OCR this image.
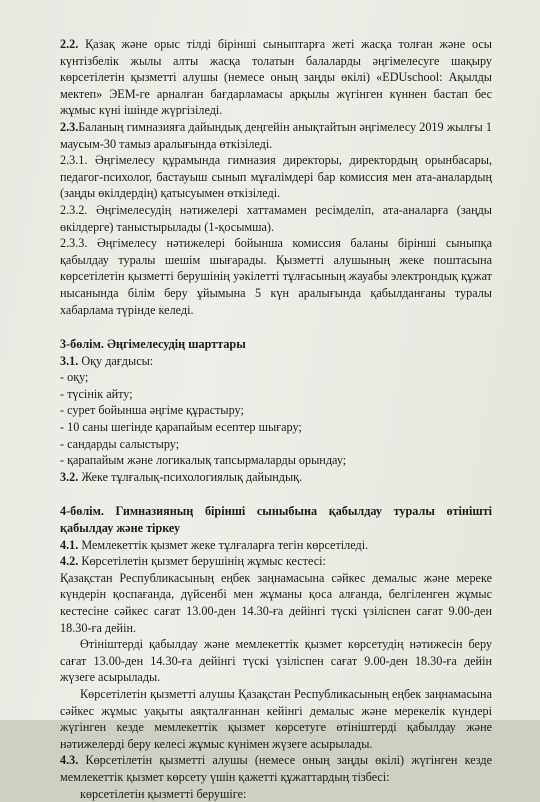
2.2. Қазақ және орыс тілді бірінші сыныптарға жеті жасқа толған және осы күнтізбелік жылы алты жасқа толатын балаларды әңгімелесуге шақыру көрсетілетін қызметті алушы (немесе оның заңды өкілі) «EDUschool: Ақылды мектеп» ЭЕМ-ге арналған бағдарламасы арқылы жүгінген күннен бастап бес жұмыс күні ішінде жүргізіледі.

2.3.Баланың гимназияға дайындық деңгейін анықтайтын әңгімелесу 2019 жылғы 1 маусым-30 тамыз аралығында өткізіледі.

2.3.1. Әңгімелесу құрамында гимназия директоры, директордың орынбасары, педагог-психолог, бастауыш сынып мұғалімдері бар комиссия мен ата-аналардың (заңды өкілдердің) қатысуымен өткізіледі.

2.3.2. Әңгімелесудің нәтижелері хаттамамен ресімделіп, ата-аналарға (заңды өкілдерге) таныстырылады (1-қосымша).

2.3.3. Әңгімелесу нәтижелері бойынша комиссия баланы бірінші сыныпқа қабылдау туралы шешім шығарады. Қызметті алушының жеке поштасына көрсетілетін қызметті берушінің уәкілетті тұлғасының жауабы электрондық құжат нысанында білім беру ұйымына 5 күн аралығында қабылданғаны туралы хабарлама түрінде келеді.

3-бөлім. Әңгімелесудің шарттары

3.1. Оқу дағдысы:

- оқу;

- түсінік айту;

- сурет бойынша әңгіме құрастыру;

- 10 саны шегінде қарапайым есептер шығару;

- сандарды салыстыру;

- қарапайым және логикалық тапсырмаларды орындау;

3.2. Жеке тұлғалық-психологиялық дайындық.

4-бөлім. Гимназияның бірінші сыныбына қабылдау туралы өтінішті қабылдау және тіркеу

4.1. Мемлекеттік қызмет жеке тұлғаларға тегін көрсетіледі.

4.2. Көрсетілетін қызмет берушінің жұмыс кестесі:

Қазақстан Республикасының еңбек заңнамасына сәйкес демалыс және мереке күндерін қоспағанда, дүйсенбі мен жұманы қоса алғанда, белгіленген жұмыс кестесіне сәйкес сағат 13.00-ден 14.30-ға дейінгі түскі үзіліспен сағат 9.00-ден 18.30-ға дейін.

Өтініштерді қабылдау және мемлекеттік қызмет көрсетудің нәтижесін беру сағат 13.00-ден 14.30-ға дейінгі түскі үзіліспен сағат 9.00-ден 18.30-ға дейін жүзеге асырылады.

Көрсетілетін қызметті алушы Қазақстан Республикасының еңбек заңнамасына сәйкес жұмыс уақыты аяқталғаннан кейінгі демалыс және мерекелік күндері жүгінген кезде мемлекеттік қызмет көрсетуге өтініштерді қабылдау және нәтижелерді беру келесі жұмыс күнімен жүзеге асырылады.

4.3. Көрсетілетін қызметті алушы (немесе оның заңды өкілі) жүгінген кезде мемлекеттік қызмет көрсету үшін қажетті құжаттардың тізбесі:

көрсетілетін қызметті берушіге:
